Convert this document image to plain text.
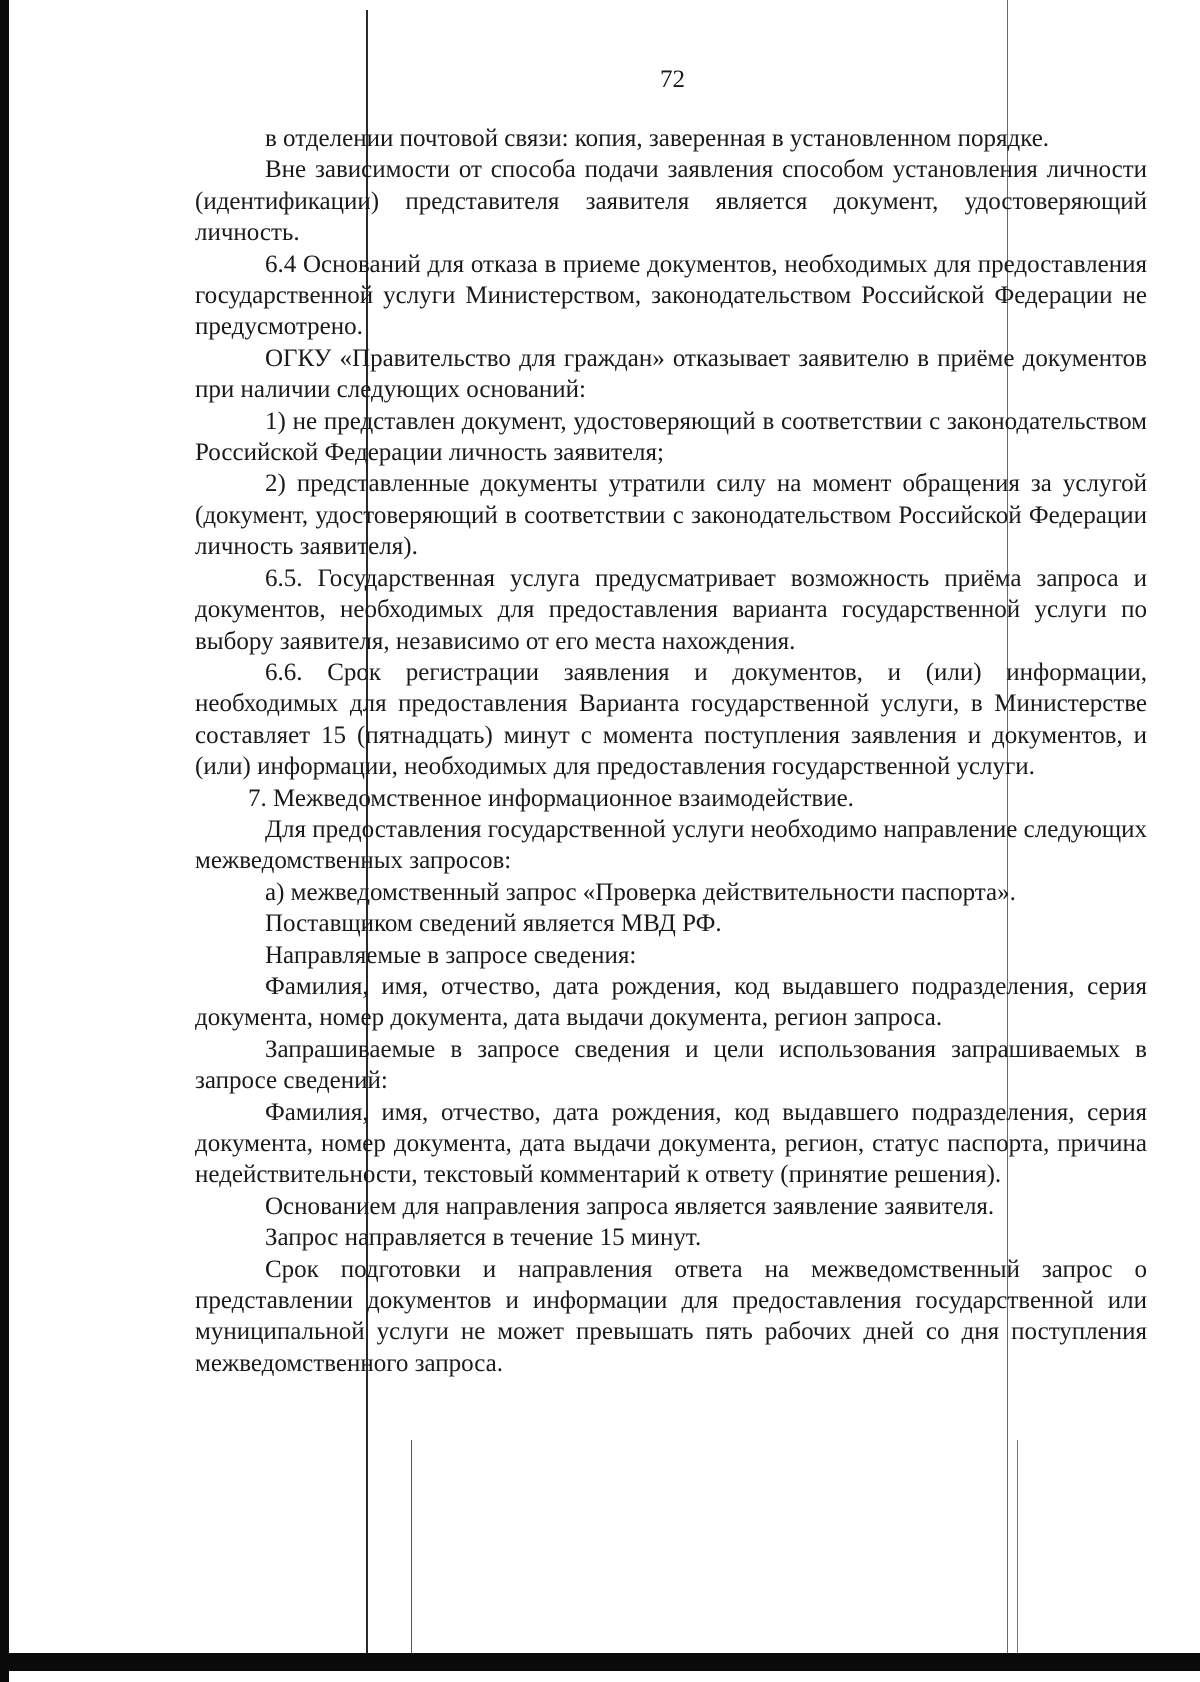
72

в отделении почтовой связи: копия, заверенная в установленном порядке.

Вне зависимости от способа подачи заявления способом установления личности (идентификации) представителя заявителя является документ, удостоверяющий личность.

6.4 Оснований для отказа в приеме документов, необходимых для предоставления государственной услуги Министерством, законодательством Российской Федерации не предусмотрено.

ОГКУ «Правительство для граждан» отказывает заявителю в приёме документов при наличии следующих оснований:

1) не представлен документ, удостоверяющий в соответствии с законодательством Российской Федерации личность заявителя;

2) представленные документы утратили силу на момент обращения за услугой (документ, удостоверяющий в соответствии с законодательством Российской Федерации личность заявителя).

6.5. Государственная услуга предусматривает возможность приёма запроса и документов, необходимых для предоставления варианта государственной услуги по выбору заявителя, независимо от его места нахождения.

6.6. Срок регистрации заявления и документов, и (или) информации, необходимых для предоставления Варианта государственной услуги, в Министерстве составляет 15 (пятнадцать) минут с момента поступления заявления и документов, и (или) информации, необходимых для предоставления государственной услуги.

7. Межведомственное информационное взаимодействие.

Для предоставления государственной услуги необходимо направление следующих межведомственных запросов:

а) межведомственный запрос «Проверка действительности паспорта».

Поставщиком сведений является МВД РФ.

Направляемые в запросе сведения:

Фамилия, имя, отчество, дата рождения, код выдавшего подразделения, серия документа, номер документа, дата выдачи документа, регион запроса.

Запрашиваемые в запросе сведения и цели использования запрашиваемых в запросе сведений:

Фамилия, имя, отчество, дата рождения, код выдавшего подразделения, серия документа, номер документа, дата выдачи документа, регион, статус паспорта, причина недействительности, текстовый комментарий к ответу (принятие решения).

Основанием для направления запроса является заявление заявителя.

Запрос направляется в течение 15 минут.

Срок подготовки и направления ответа на межведомственный запрос о представлении документов и информации для предоставления государственной или муниципальной услуги не может превышать пять рабочих дней со дня поступления межведомственного запроса.
